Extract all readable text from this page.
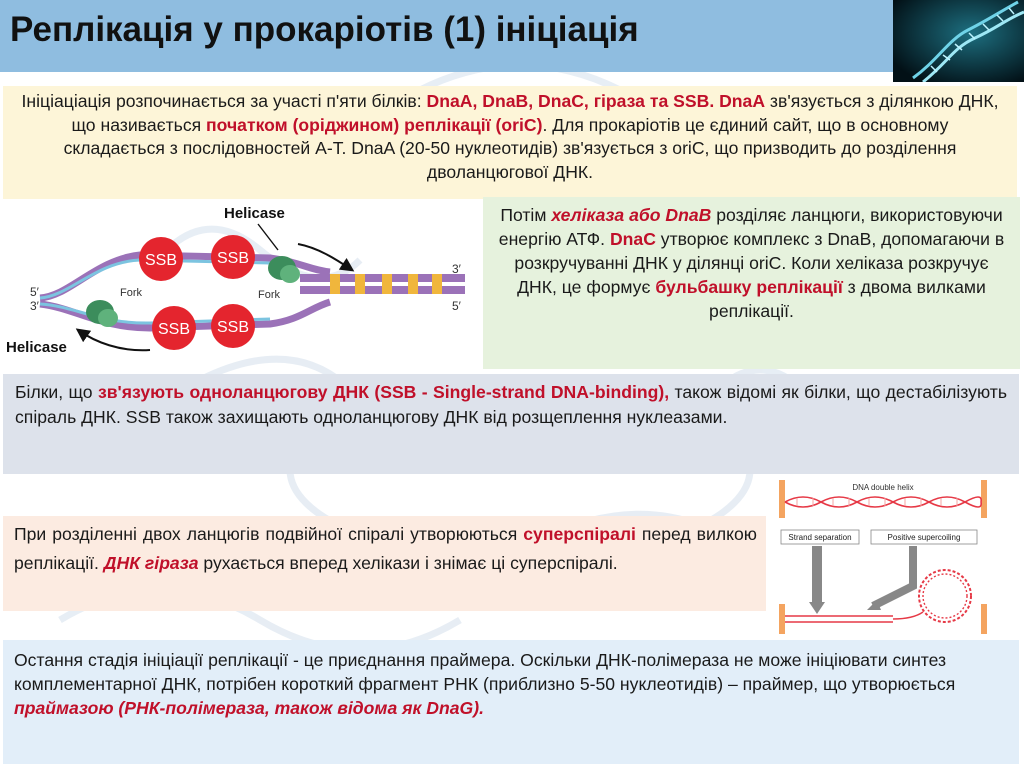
Реплікація у прокаріотів (1) ініціація
Ініціаціація розпочинається за участі п'яти білків: DnaA, DnaB, DnaC, гіраза та SSB. DnaA зв'язується з ділянкою ДНК, що називається початком (оріджином) реплікації (oriC). Для прокаріотів це єдиний сайт, що в основному складається з послідовностей А-Т. DnaA (20-50 нуклеотидів) зв'язується з oriC, що призводить до розділення дволанцюгової ДНК.
SSB SSB
SSB SSB
Helicase
Fork	Fork
Helicase
3′
5′
5′
3′
Потім хеліказа або DnaB розділяє ланцюги, використовуючи енергію АТФ. DnaC утворює комплекс з DnaB, допомагаючи в розкручуванні ДНК у ділянці oriC. Коли хеліказа розкручує ДНК, це формує бульбашку реплікації з двома вилками реплікації.

Білки, що зв'язують одноланцюгову ДНК (SSB - Single-strand DNA-binding), також відомі як білки, що дестабілізують спіраль ДНК. SSB також захищають одноланцюгову ДНК від розщеплення нуклеазами.

При розділенні двох ланцюгів подвійної спіралі утворюються суперспіралі перед вилкою реплікації. ДНК гіраза рухається вперед хелікази і знімає ці суперспіралі.

DNA double helix
Strand separation	Positive supercoiling
Остання стадія ініціації реплікації - це приєднання праймера. Оскільки ДНК-полімераза не може ініціювати синтез комплементарної ДНК, потрібен короткий фрагмент РНК (приблизно 5-50 нуклеотидів) – праймер, що утворюється праймазою (РНК-полімераза, також відома як DnaG).
